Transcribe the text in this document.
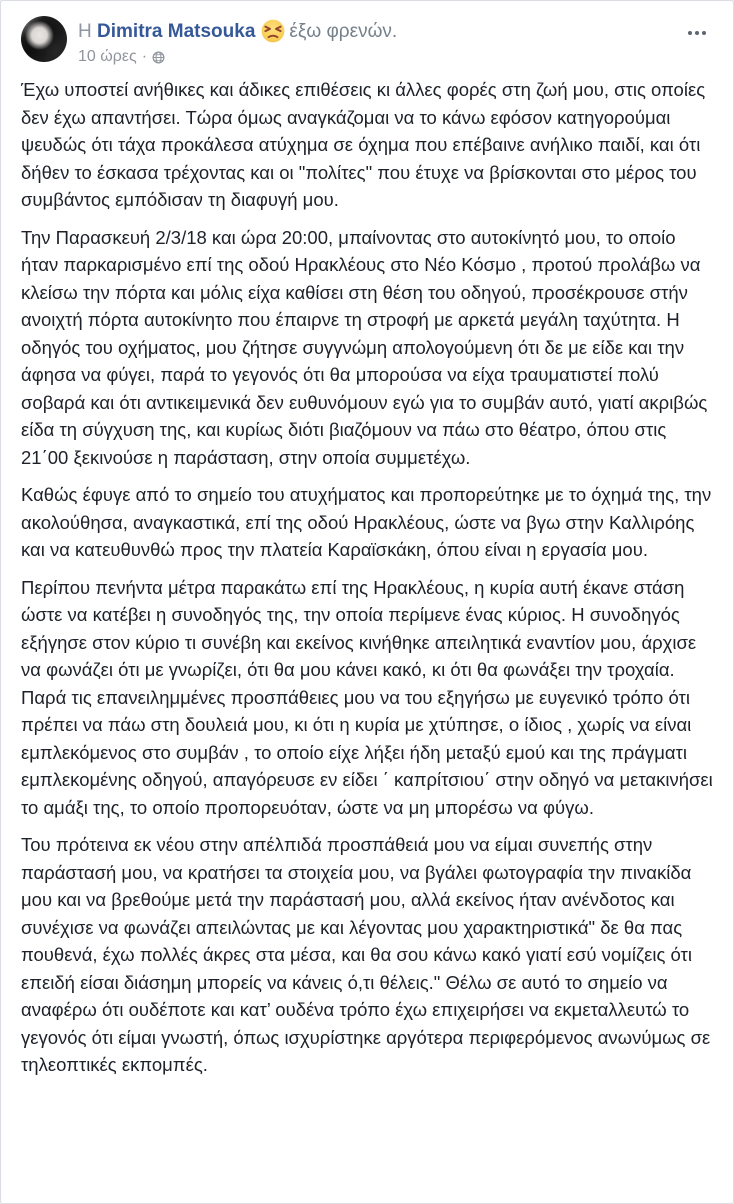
Η Dimitra Matsouka έξω φρενών.
10 ώρες ·

Έχω υποστεί ανήθικες και άδικες επιθέσεις κι άλλες φορές στη ζωή μου, στις οποίες δεν έχω απαντήσει. Τώρα όμως αναγκάζομαι να το κάνω εφόσον κατηγορούμαι ψευδώς ότι τάχα προκάλεσα ατύχημα σε όχημα που επέβαινε ανήλικο παιδί, και ότι δήθεν το έσκασα τρέχοντας και οι "πολίτες" που έτυχε να βρίσκονται στο μέρος του συμβάντος εμπόδισαν τη διαφυγή μου.

Την Παρασκευή 2/3/18 και ώρα 20:00, μπαίνοντας στο αυτοκίνητό μου, το οποίο ήταν παρκαρισμένο επί της οδού Ηρακλέους στο Νέο Κόσμο , προτού προλάβω να κλείσω την πόρτα και μόλις είχα καθίσει στη θέση του οδηγού, προσέκρουσε στήν ανοιχτή πόρτα αυτοκίνητο που έπαιρνε τη στροφή με αρκετά μεγάλη ταχύτητα. Η οδηγός του οχήματος, μου ζήτησε συγγνώμη απολογούμενη ότι δε με είδε και την άφησα να φύγει, παρά το γεγονός ότι θα μπορούσα να είχα τραυματιστεί πολύ σοβαρά και ότι αντικειμενικά δεν ευθυνόμουν εγώ για το συμβάν αυτό, γιατί ακριβώς είδα τη σύγχυση της, και κυρίως διότι βιαζόμουν να πάω στο θέατρο, όπου στις 21΄00 ξεκινούσε η παράσταση, στην οποία συμμετέχω.

Καθώς έφυγε από το σημείο του ατυχήματος και προπορεύτηκε με το όχημά της, την ακολούθησα, αναγκαστικά, επί της οδού Ηρακλέους, ώστε να βγω στην Καλλιρόης και να κατευθυνθώ προς την πλατεία Καραϊσκάκη, όπου είναι η εργασία μου.

Περίπου πενήντα μέτρα παρακάτω επί της Ηρακλέους, η κυρία αυτή έκανε στάση ώστε να κατέβει η συνοδηγός της, την οποία περίμενε ένας κύριος. Η συνοδηγός εξήγησε στον κύριο τι συνέβη και εκείνος κινήθηκε απειλητικά εναντίον μου, άρχισε να φωνάζει ότι με γνωρίζει, ότι θα μου κάνει κακό, κι ότι θα φωνάξει την τροχαία. Παρά τις επανειλημμένες προσπάθειες μου να του εξηγήσω με ευγενικό τρόπο ότι πρέπει να πάω στη δουλειά μου, κι ότι η κυρία με χτύπησε, ο ίδιος , χωρίς να είναι εμπλεκόμενος στο συμβάν , το οποίο είχε λήξει ήδη μεταξύ εμού και της πράγματι εμπλεκομένης οδηγού, απαγόρευσε εν είδει ΄ καπρίτσιου΄ στην οδηγό να μετακινήσει το αμάξι της, το οποίο προπορευόταν, ώστε να μη μπορέσω να φύγω.

Του πρότεινα εκ νέου στην απέλπιδά προσπάθειά μου να είμαι συνεπής στην παράστασή μου, να κρατήσει τα στοιχεία μου, να βγάλει φωτογραφία την πινακίδα μου και να βρεθούμε μετά την παράστασή μου, αλλά εκείνος ήταν ανένδοτος και συνέχισε να φωνάζει απειλώντας με και λέγοντας μου χαρακτηριστικά" δε θα πας πουθενά, έχω πολλές άκρες στα μέσα, και θα σου κάνω κακό γιατί εσύ νομίζεις ότι επειδή είσαι διάσημη μπορείς να κάνεις ό,τι θέλεις." Θέλω σε αυτό το σημείο να αναφέρω ότι ουδέποτε και κατ’ ουδένα τρόπο έχω επιχειρήσει να εκμεταλλευτώ το γεγονός ότι είμαι γνωστή, όπως ισχυρίστηκε αργότερα περιφερόμενος ανωνύμως σε τηλεοπτικές εκπομπές.
